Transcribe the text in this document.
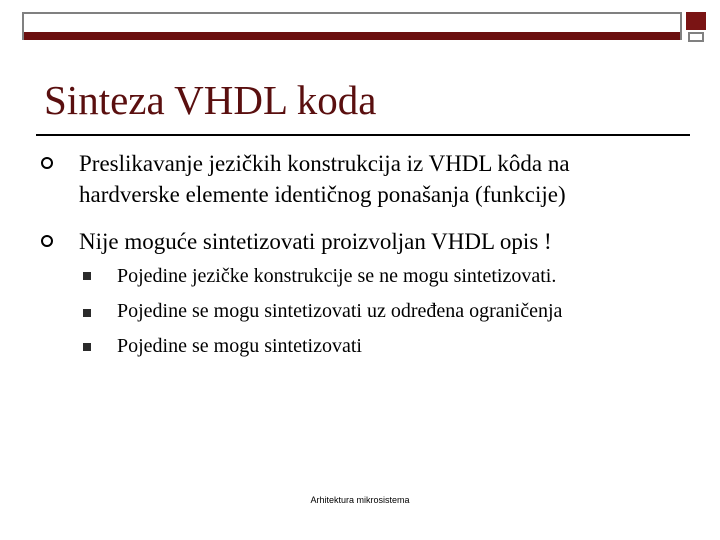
Sinteza VHDL koda
Preslikavanje jezičkih konstrukcija iz VHDL kôda na
hardverske elemente identičnog ponašanja (funkcije)
Nije moguće sintetizovati proizvoljan VHDL opis !
Pojedine jezičke konstrukcije se ne mogu sintetizovati.
Pojedine se mogu sintetizovati uz određena ograničenja
Pojedine se mogu sintetizovati
Arhitektura mikrosistema
